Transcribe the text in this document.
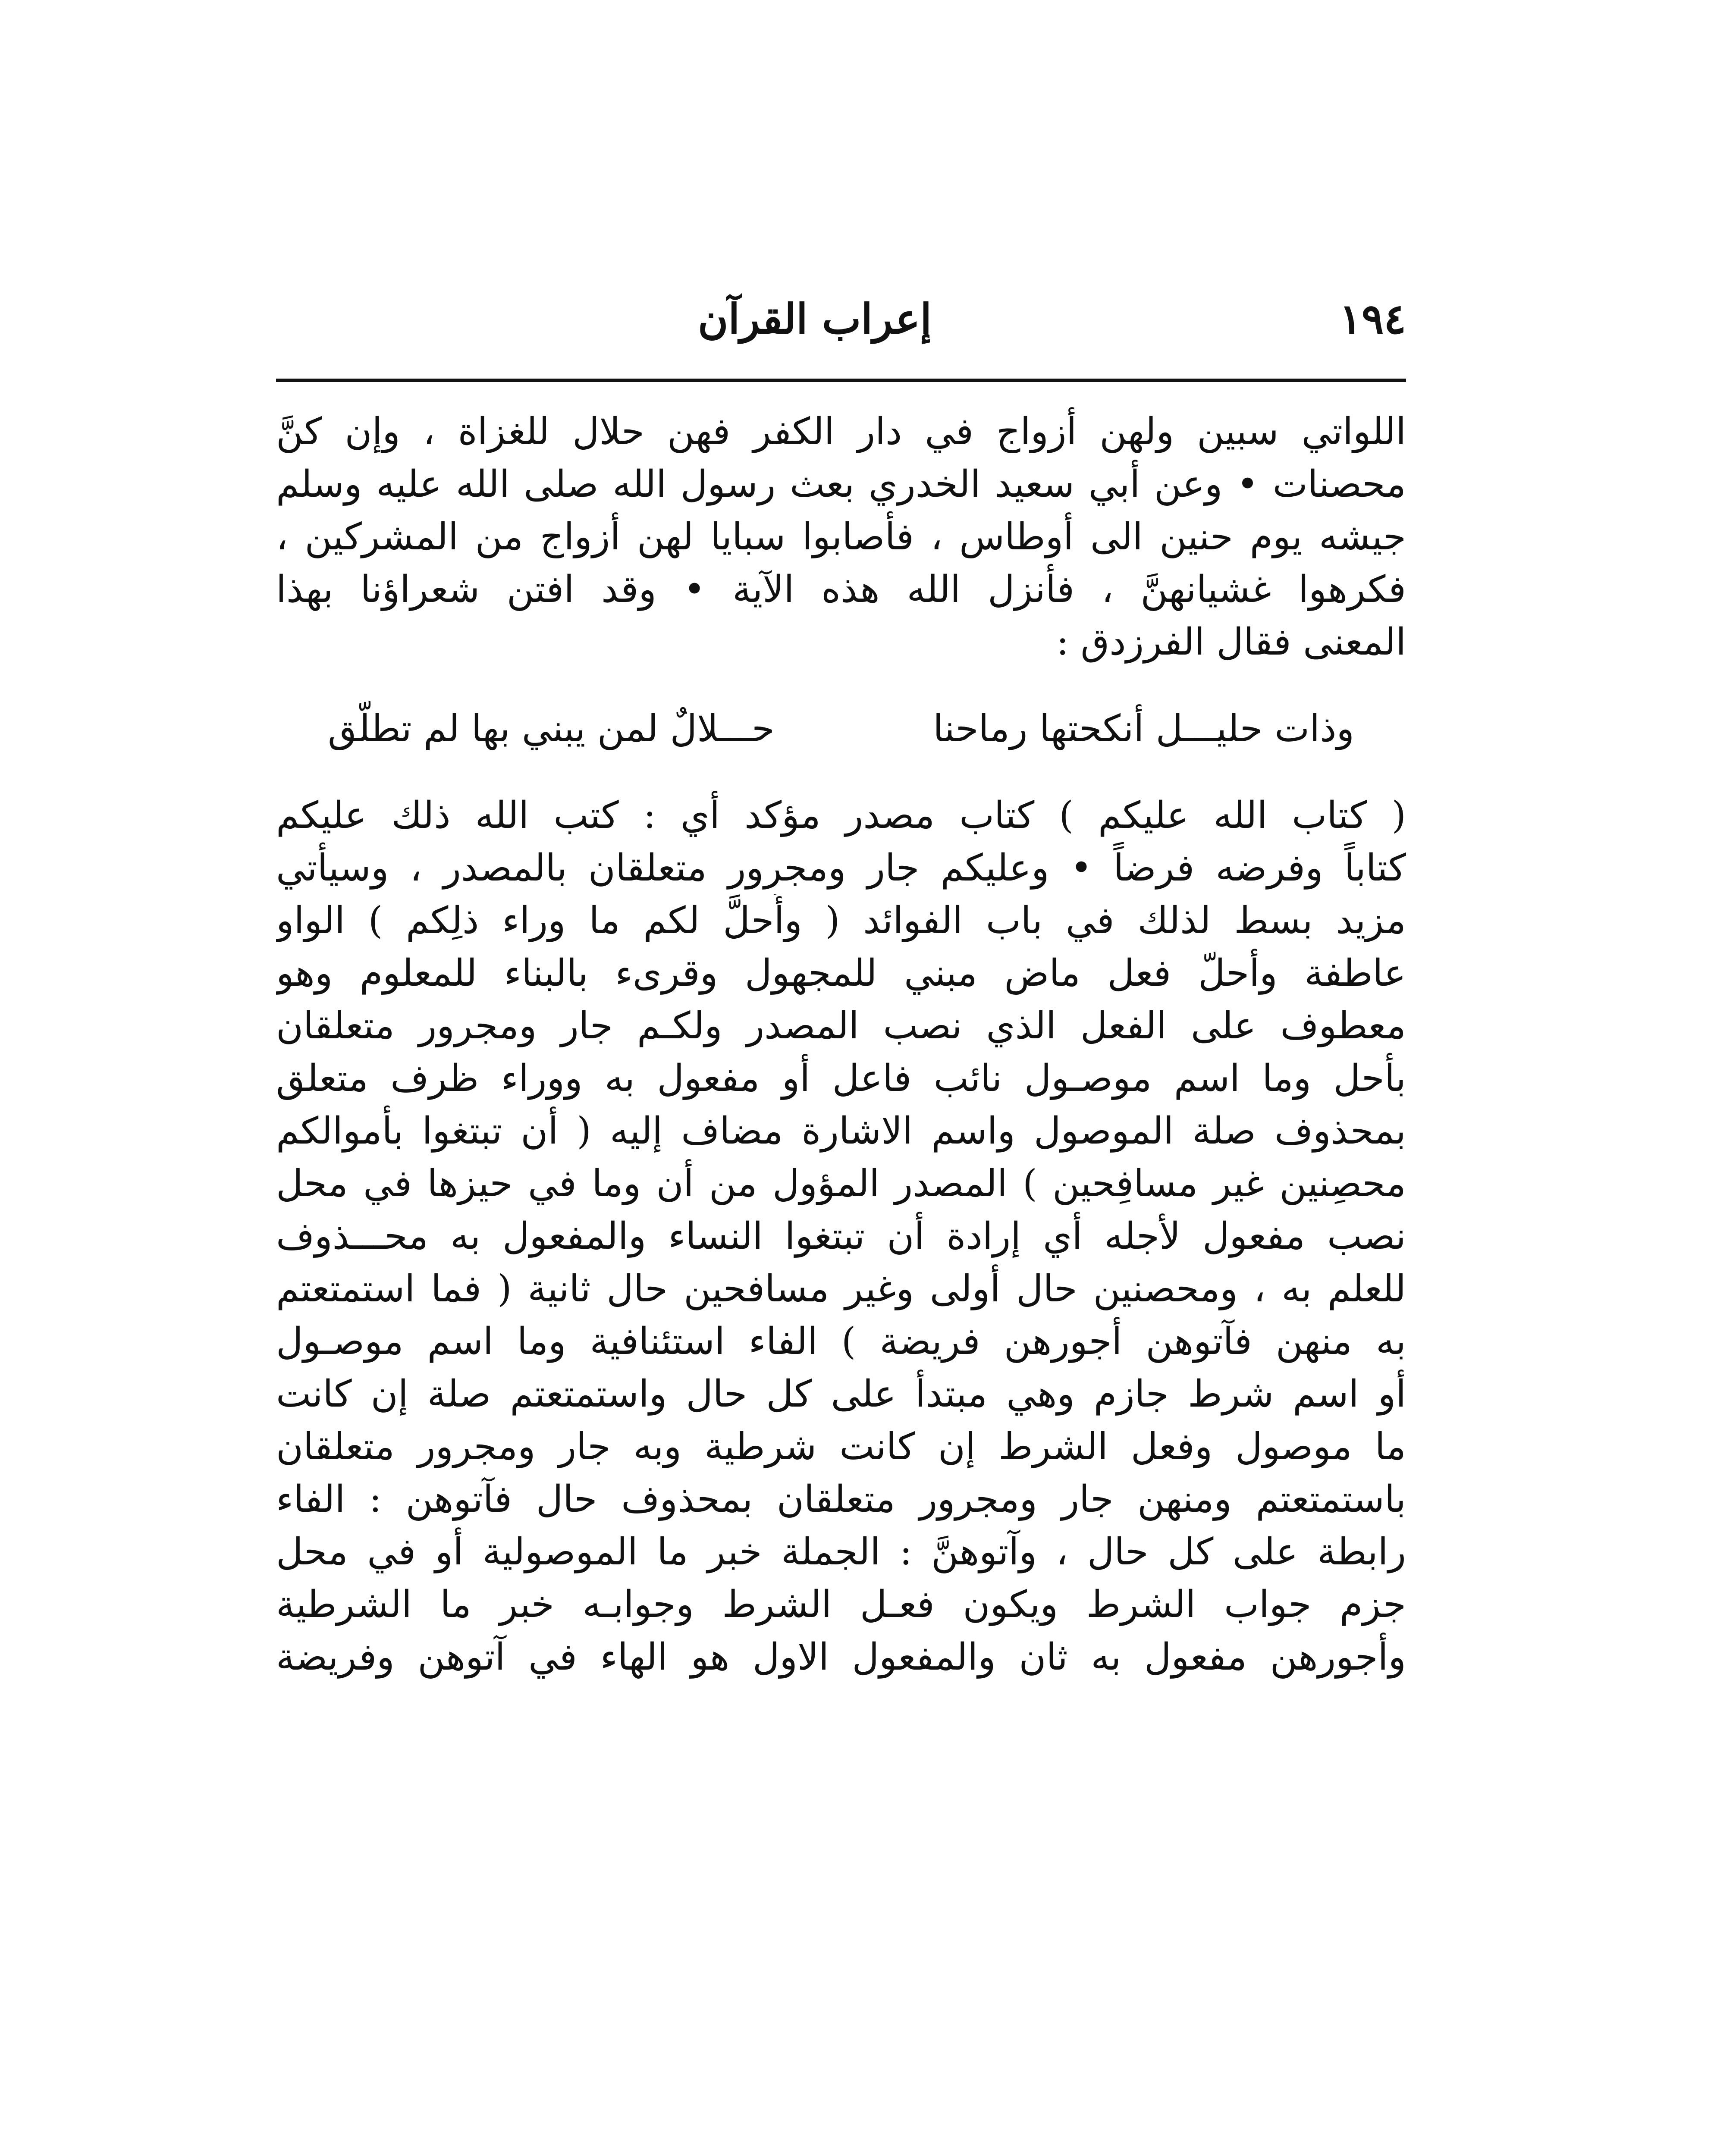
١٩٤
إعراب القرآن
اللواتي سبين ولهن أزواج في دار الكفر فهن حلال للغزاة ، وإن كنَّ
محصنات • وعن أبي سعيد الخدري بعث رسول الله صلى الله عليه وسلم
جيشه يوم حنين الى أوطاس ، فأصابوا سبايا لهن أزواج من المشركين ،
فكرهوا غشيانهنَّ ، فأنزل الله هذه الآية • وقد افتن شعراؤنا بهذا
المعنى فقال الفرزدق :
وذات حليـــل أنكحتها رماحنا
حـــلالٌ لمن يبني بها لم تطلّق
( كتاب الله عليكم ) كتاب مصدر مؤكد أي : كتب الله ذلك عليكم
كتاباً وفرضه فرضاً • وعليكم جار ومجرور متعلقان بالمصدر ، وسيأتي
مزيد بسط لذلك في باب الفوائد ( وأُحلَّ لكم ما وراء ذلِكم ) الواو
عاطفة وأحلّ فعل ماض مبني للمجهول وقرىء بالبناء للمعلوم وهو
معطوف على الفعل الذي نصب المصدر ولكـم جار ومجرور متعلقان
بأحل وما اسم موصـول نائب فاعل أو مفعول به ووراء ظرف متعلق
بمحذوف صلة الموصول واسم الاشارة مضاف إليه ( أن تبتغوا بأموالكم
محصِنين غير مسافِحين ) المصدر المؤول من أن وما في حيزها في محل
نصب مفعول لأجله أي إرادة أن تبتغوا النساء والمفعول به محـــذوف
للعلم به ، ومحصنين حال أولى وغير مسافحين حال ثانية ( فما استمتعتم
به منهن فآتوهن أجورهن فريضة ) الفاء استئنافية وما اسم موصـول
أو اسم شرط جازم وهي مبتدأ على كل حال واستمتعتم صلة إن كانت
ما موصول وفعل الشرط إن كانت شرطية وبه جار ومجرور متعلقان
باستمتعتم ومنهن جار ومجرور متعلقان بمحذوف حال فآتوهن : الفاء
رابطة على كل حال ، وآتوهنَّ : الجملة خبر ما الموصولية أو في محل
جزم جواب الشرط ويكون فعـل الشرط وجوابـه خبر ما الشرطية
وأجورهن مفعول به ثان والمفعول الاول هو الهاء في آتوهن وفريضة
